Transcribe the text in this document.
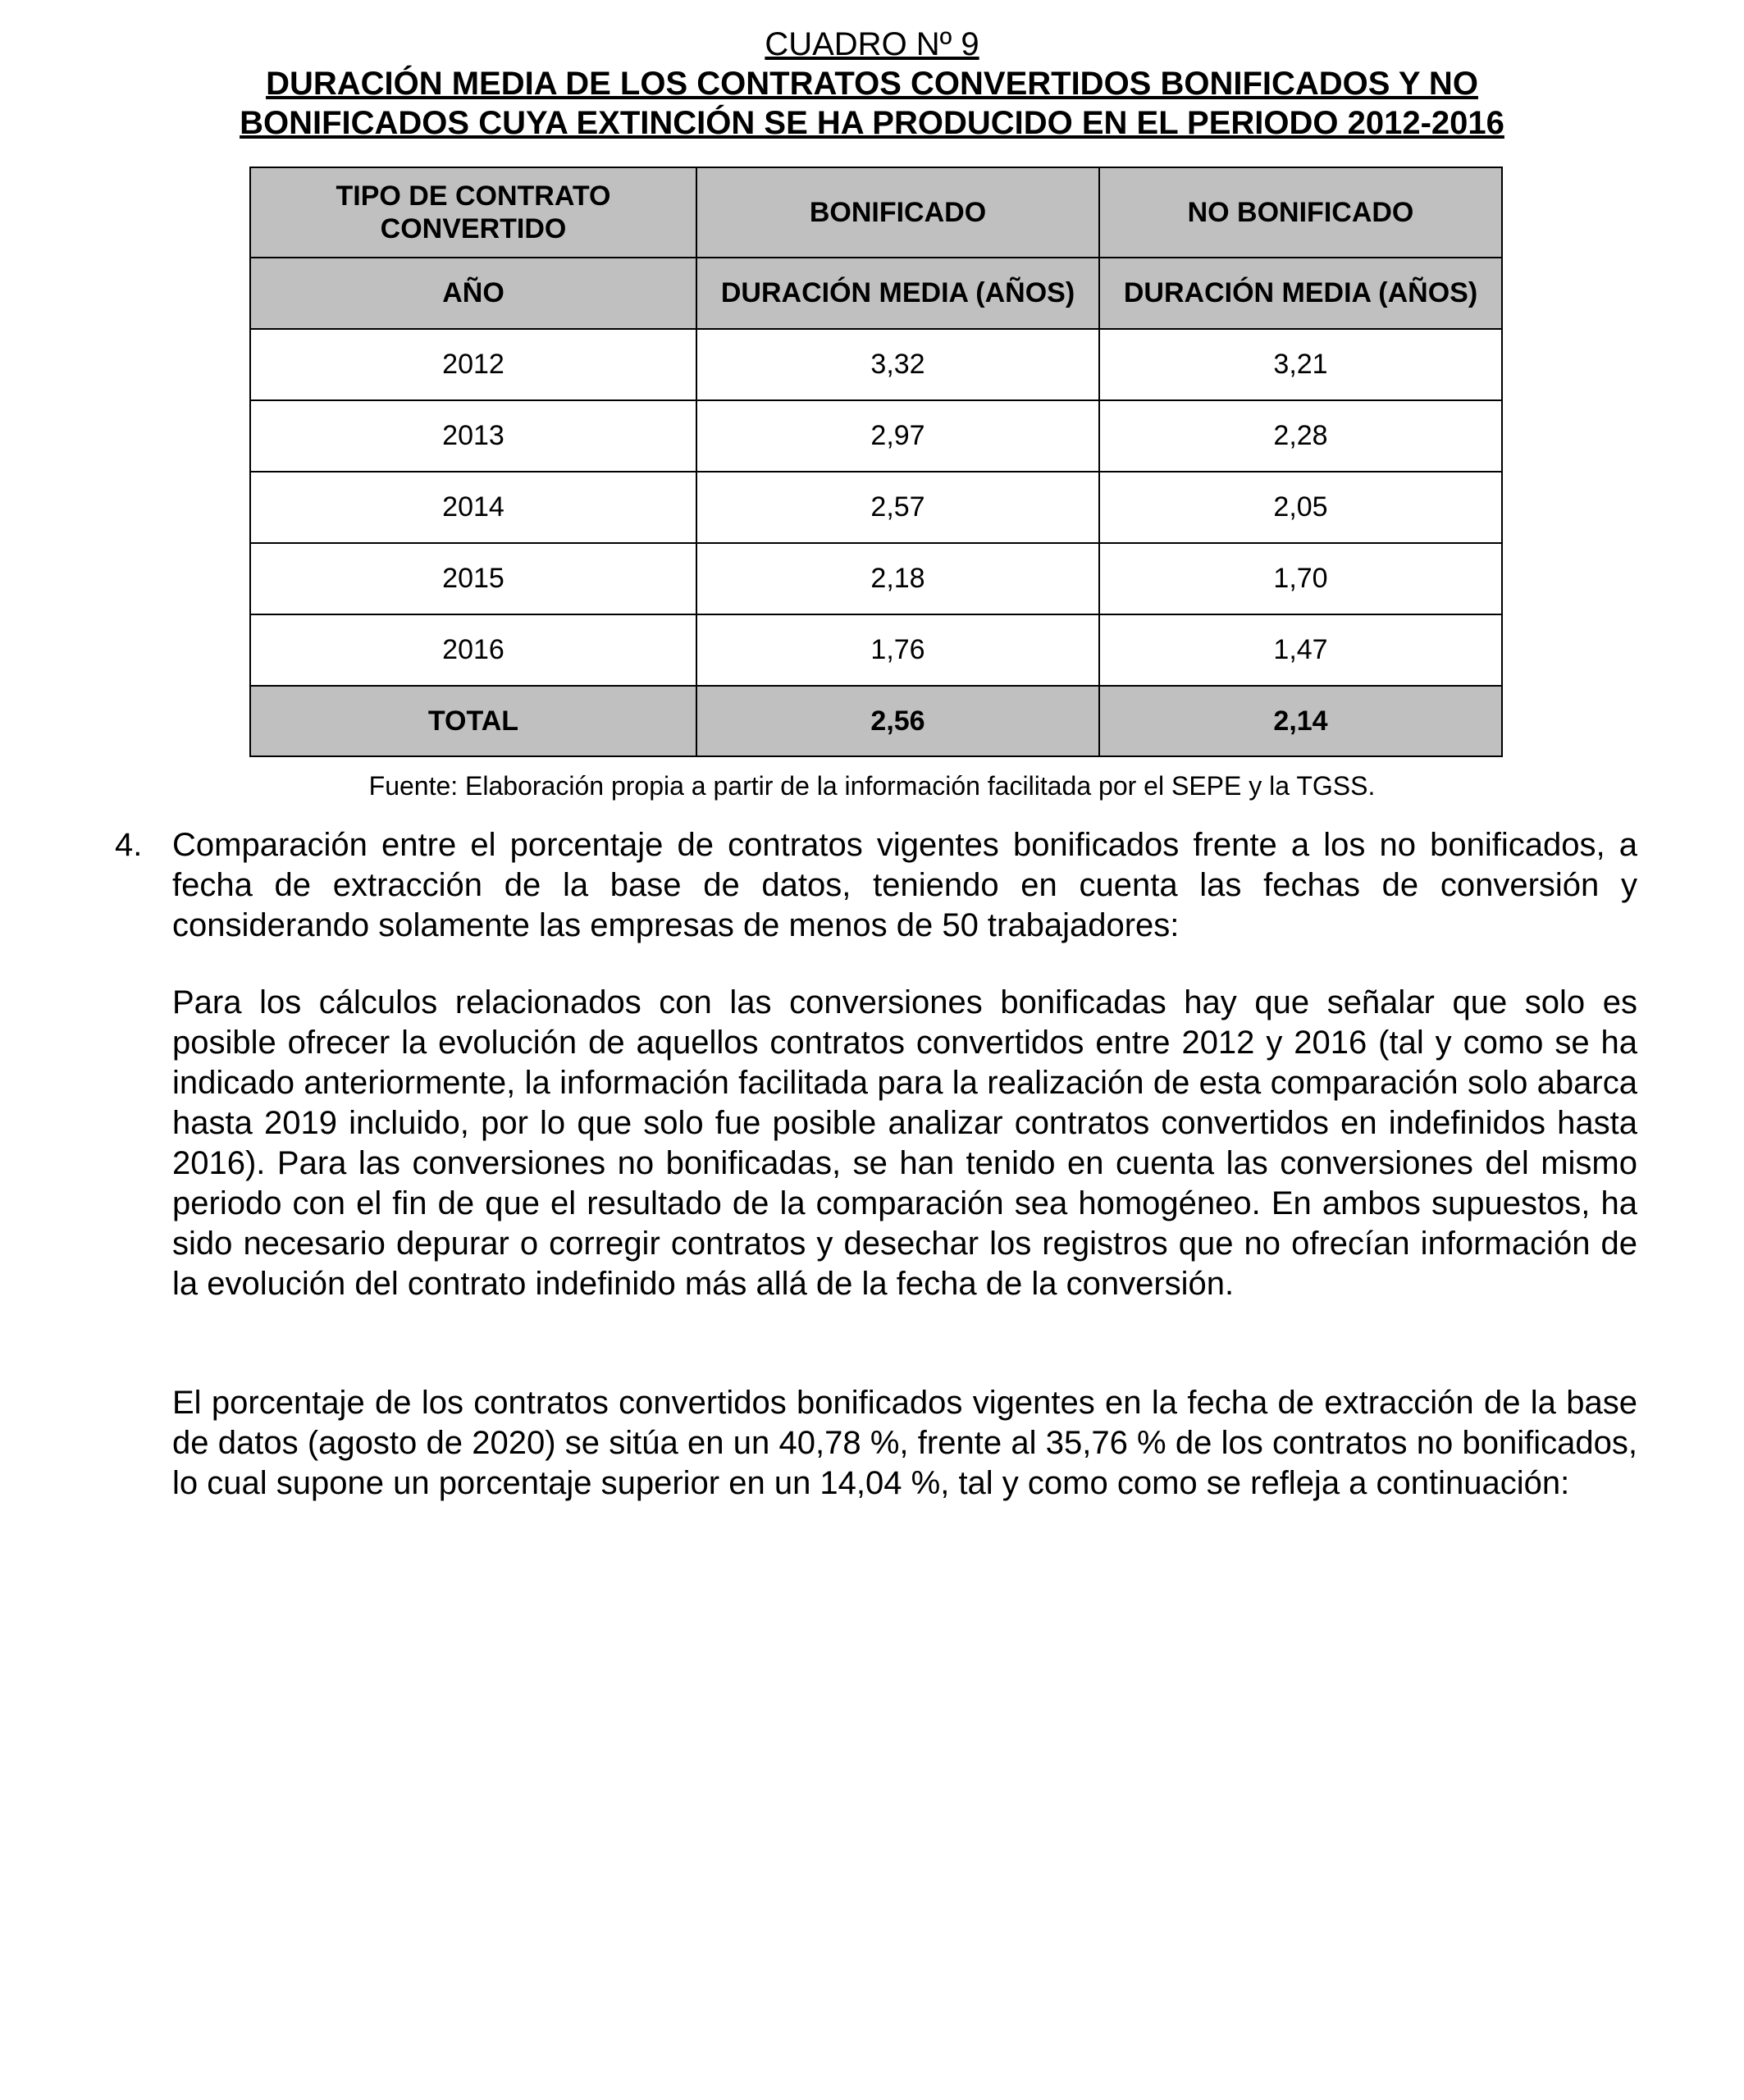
CUADRO Nº 9
DURACIÓN MEDIA DE LOS CONTRATOS CONVERTIDOS BONIFICADOS Y NO
BONIFICADOS CUYA EXTINCIÓN SE HA PRODUCIDO EN EL PERIODO 2012-2016
TIPO DE CONTRATO CONVERTIDO	BONIFICADO	NO BONIFICADO
AÑO	DURACIÓN MEDIA (AÑOS)	DURACIÓN MEDIA (AÑOS)
2012	3,32	3,21
2013	2,97	2,28
2014	2,57	2,05
2015	2,18	1,70
2016	1,76	1,47
TOTAL	2,56	2,14
Fuente: Elaboración propia a partir de la información facilitada por el SEPE y la TGSS.
4. Comparación entre el porcentaje de contratos vigentes bonificados frente a los no bonificados, a fecha de extracción de la base de datos, teniendo en cuenta las fechas de conversión y considerando solamente las empresas de menos de 50 trabajadores:

Para los cálculos relacionados con las conversiones bonificadas hay que señalar que solo es posible ofrecer la evolución de aquellos contratos convertidos entre 2012 y 2016 (tal y como se ha indicado anteriormente, la información facilitada para la realización de esta comparación solo abarca hasta 2019 incluido, por lo que solo fue posible analizar contratos convertidos en indefinidos hasta 2016). Para las conversiones no bonificadas, se han tenido en cuenta las conversiones del mismo periodo con el fin de que el resultado de la comparación sea homogéneo. En ambos supuestos, ha sido necesario depurar o corregir contratos y desechar los registros que no ofrecían información de la evolución del contrato indefinido más allá de la fecha de la conversión.

El porcentaje de los contratos convertidos bonificados vigentes en la fecha de extracción de la base de datos (agosto de 2020) se sitúa en un 40,78 %, frente al 35,76 % de los contratos no bonificados, lo cual supone un porcentaje superior en un 14,04 %, tal y como como se refleja a continuación:
